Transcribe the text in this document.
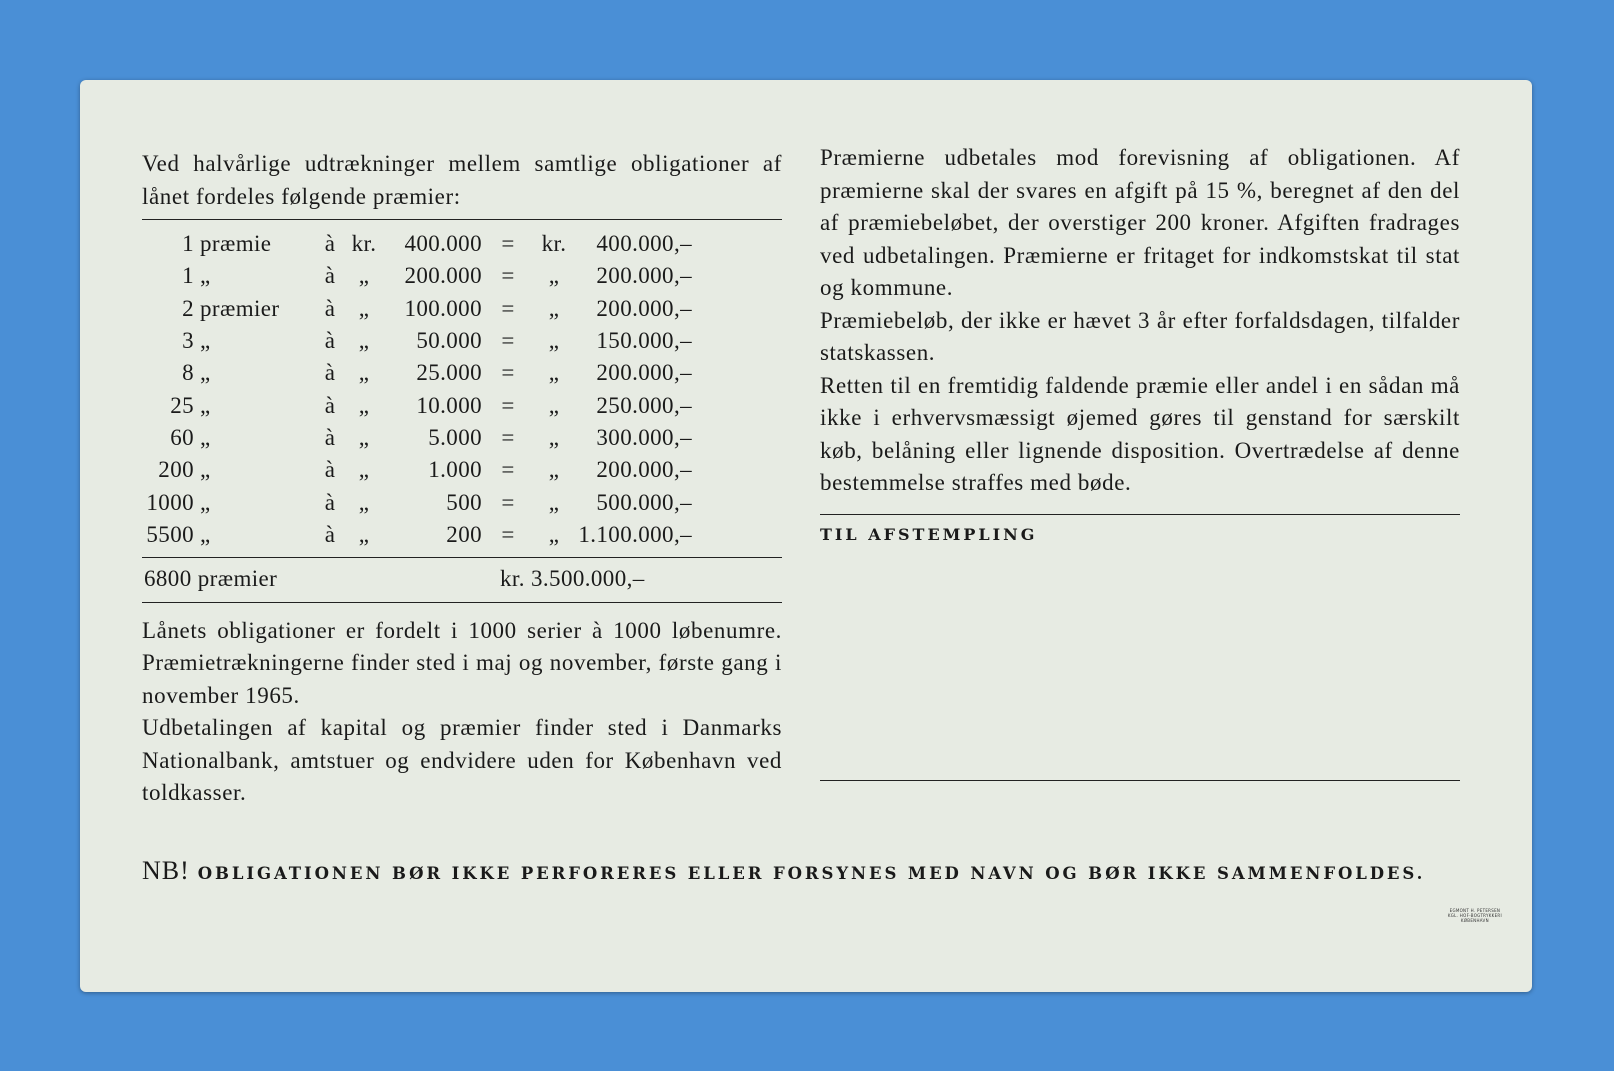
Ved halvårlige udtrækninger mellem samtlige obligationer af lånet fordeles følgende præmier:

1	præmie	à	kr.	400.000	=	kr.	400.000,–
1	„	à	„	200.000	=	„	200.000,–
2	præmier	à	„	100.000	=	„	200.000,–
3	„	à	„	50.000	=	„	150.000,–
8	„	à	„	25.000	=	„	200.000,–
25	„	à	„	10.000	=	„	250.000,–
60	„	à	„	5.000	=	„	300.000,–
200	„	à	„	1.000	=	„	200.000,–
1000	„	à	„	500	=	„	500.000,–
5500	„	à	„	200	=	„	1.100.000,–
6800 præmier	kr. 3.500.000,–

Lånets obligationer er fordelt i 1000 serier à 1000 løbenumre. Præmietrækningerne finder sted i maj og november, første gang i november 1965.

Udbetalingen af kapital og præmier finder sted i Danmarks Nationalbank, amtstuer og endvidere uden for København ved toldkasser.

Præmierne udbetales mod forevisning af obligationen. Af præmierne skal der svares en afgift på 15 %, beregnet af den del af præmiebeløbet, der overstiger 200 kroner. Afgiften fradrages ved udbetalingen. Præmierne er fritaget for indkomstskat til stat og kommune.

Præmiebeløb, der ikke er hævet 3 år efter forfaldsdagen, tilfalder statskassen.

Retten til en fremtidig faldende præmie eller andel i en sådan må ikke i erhvervsmæssigt øjemed gøres til genstand for særskilt køb, belåning eller lignende disposition. Overtrædelse af denne bestemmelse straffes med bøde.

TIL AFSTEMPLING
NB! OBLIGATIONEN BØR IKKE PERFORERES ELLER FORSYNES MED NAVN OG BØR IKKE SAMMENFOLDES.
EGMONT H. PETERSEN
KGL. HOF-BOGTRYKKERI
KØBENHAVN
